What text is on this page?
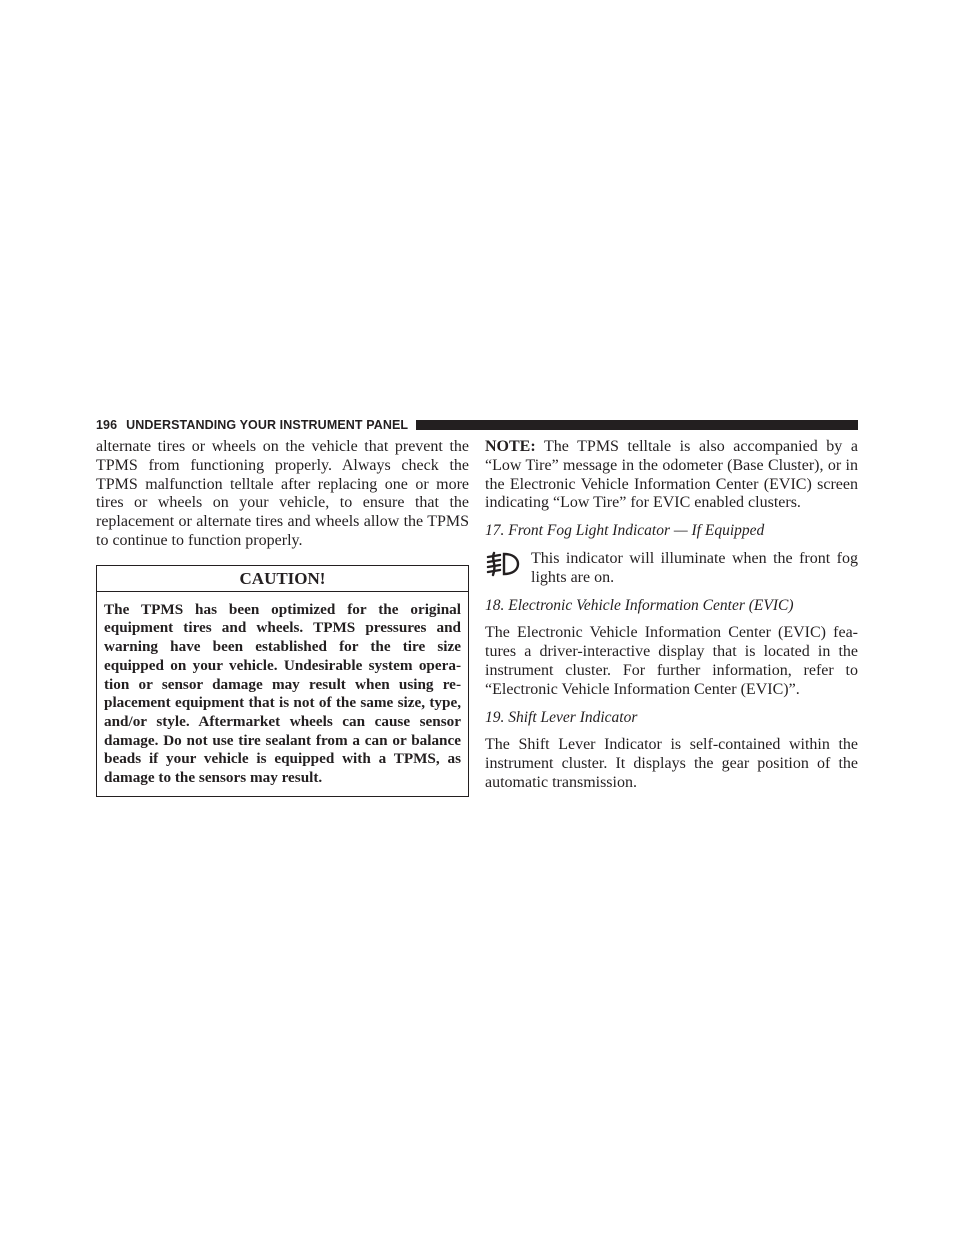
196 UNDERSTANDING YOUR INSTRUMENT PANEL

alternate tires or wheels on the vehicle that prevent the TPMS from functioning properly. Always check the TPMS malfunction telltale after replacing one or more tires or wheels on your vehicle, to ensure that the replacement or alternate tires and wheels allow the TPMS to continue to function properly.

CAUTION!
The TPMS has been optimized for the original equipment tires and wheels. TPMS pressures and warning have been established for the tire size equipped on your vehicle. Undesirable system operation or sensor damage may result when using replacement equipment that is not of the same size, type, and/or style. Aftermarket wheels can cause sensor damage. Do not use tire sealant from a can or balance beads if your vehicle is equipped with a TPMS, as damage to the sensors may result.

NOTE: The TPMS telltale is also accompanied by a “Low Tire” message in the odometer (Base Cluster), or in the Electronic Vehicle Information Center (EVIC) screen indicating “Low Tire” for EVIC enabled clusters.

17. Front Fog Light Indicator — If Equipped

This indicator will illuminate when the front fog lights are on.

18. Electronic Vehicle Information Center (EVIC)

The Electronic Vehicle Information Center (EVIC) features a driver-interactive display that is located in the instrument cluster. For further information, refer to “Electronic Vehicle Information Center (EVIC)”.

19. Shift Lever Indicator

The Shift Lever Indicator is self-contained within the instrument cluster. It displays the gear position of the automatic transmission.
